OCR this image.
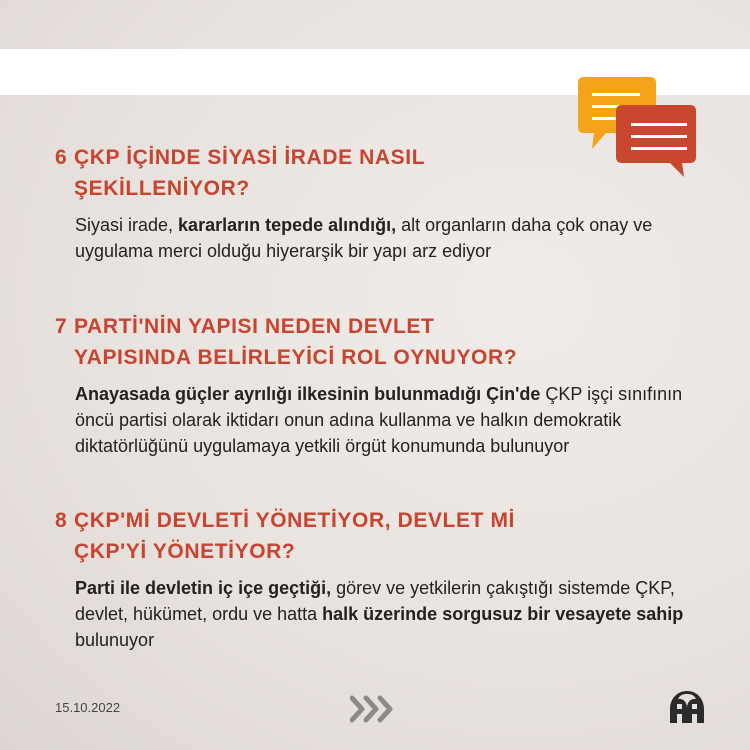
6 ÇKP İÇİNDE SİYASİ İRADE NASIL
ŞEKİLLENİYOR?

Siyasi irade, kararların tepede alındığı, alt organların daha çok onay ve uygulama merci olduğu hiyerarşik bir yapı arz ediyor

7 PARTİ'NİN YAPISI NEDEN DEVLET
YAPISINDA BELİRLEYİCİ ROL OYNUYOR?

Anayasada güçler ayrılığı ilkesinin bulunmadığı Çin'de ÇKP işçi sınıfının öncü partisi olarak iktidarı onun adına kullanma ve halkın demokratik diktatörlüğünü uygulamaya yetkili örgüt konumunda bulunuyor

8 ÇKP'Mİ DEVLETİ YÖNETİYOR, DEVLET Mİ
ÇKP'Yİ YÖNETİYOR?

Parti ile devletin iç içe geçtiği, görev ve yetkilerin çakıştığı sistemde ÇKP, devlet, hükümet, ordu ve hatta halk üzerinde sorgusuz bir vesayete sahip bulunuyor

15.10.2022
